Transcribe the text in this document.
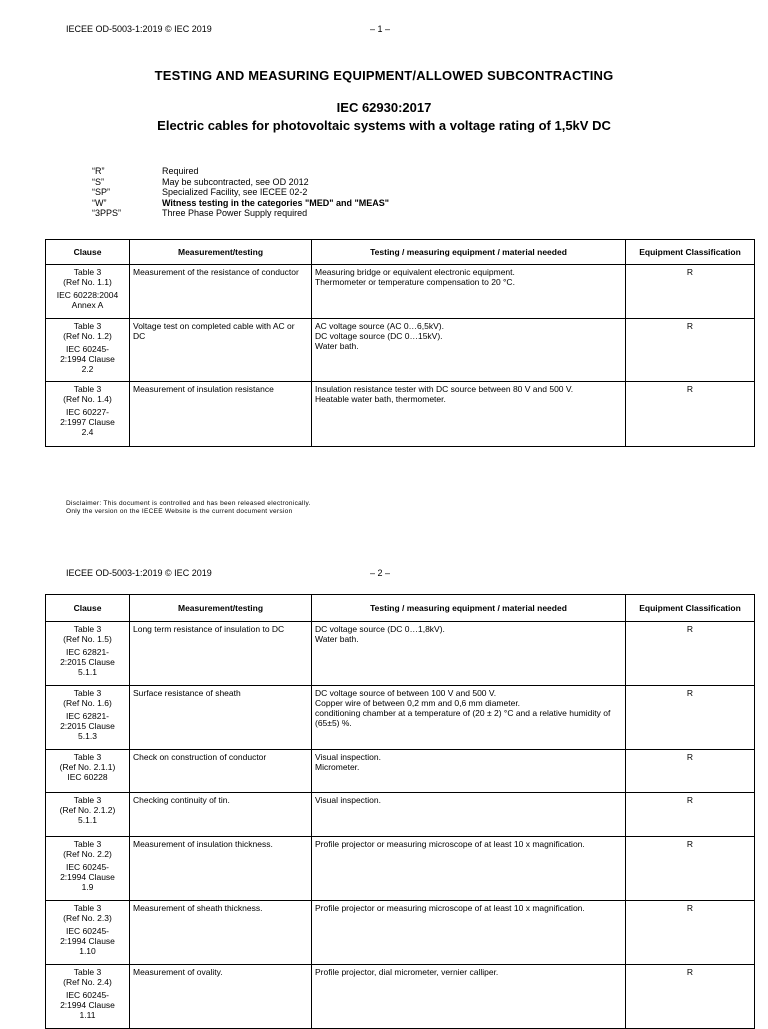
IECEE OD-5003-1:2019 © IEC 2019	– 1 –
TESTING AND MEASURING EQUIPMENT/ALLOWED SUBCONTRACTING
IEC 62930:2017
Electric cables for photovoltaic systems with a voltage rating of 1,5kV DC
“R”	Required
“S”	May be subcontracted, see OD 2012
“SP”	Specialized Facility, see IECEE 02-2
“W”	Witness testing in the categories "MED" and "MEAS"
“3PPS”	Three Phase Power Supply required
Clause	Measurement/testing	Testing / measuring equipment / material needed	Equipment Classification

Table 3
(Ref No. 1.1)
IEC 60228:2004
Annex A	Measurement of the resistance of conductor	Measuring bridge or equivalent electronic equipment.
Thermometer or temperature compensation to 20 °C.	R

Table 3
(Ref No. 1.2)
IEC 60245-
2:1994 Clause
2.2	Voltage test on completed cable with AC or DC	AC voltage source (AC 0…6,5kV).
DC voltage source (DC 0…15kV).
Water bath.	R

Table 3
(Ref No. 1.4)
IEC 60227-
2:1997 Clause
2.4	Measurement of insulation resistance	Insulation resistance tester with DC source between 80 V and 500 V.
Heatable water bath, thermometer.	R
Disclaimer: This document is controlled and has been released electronically.
Only the version on the IECEE Website is the current document version
IECEE OD-5003-1:2019 © IEC 2019	– 2 –
Clause	Measurement/testing	Testing / measuring equipment / material needed	Equipment Classification

Table 3
(Ref No. 1.5)
IEC 62821-
2:2015 Clause
5.1.1	Long term resistance of insulation to DC	DC voltage source (DC 0…1,8kV).
Water bath.	R

Table 3
(Ref No. 1.6)
IEC 62821-
2:2015 Clause
5.1.3	Surface resistance of sheath	DC voltage source of between 100 V and 500 V.
Copper wire of between 0,2 mm and 0,6 mm diameter.
conditioning chamber at a temperature of (20 ± 2) °C and a relative humidity of (65±5) %.	R

Table 3
(Ref No. 2.1.1)
IEC 60228	Check on construction of conductor	Visual inspection.
Micrometer.	R

Table 3
(Ref No. 2.1.2)
5.1.1	Checking continuity of tin.	Visual inspection.	R

Table 3
(Ref No. 2.2)
IEC 60245-
2:1994 Clause
1.9	Measurement of insulation thickness.	Profile projector or measuring microscope of at least 10 x magnification.	R

Table 3
(Ref No. 2.3)
IEC 60245-
2:1994 Clause
1.10	Measurement of sheath thickness.	Profile projector or measuring microscope of at least 10 x magnification.	R

Table 3
(Ref No. 2.4)
IEC 60245-
2:1994 Clause
1.11	Measurement of ovality.	Profile projector, dial micrometer, vernier calliper.	R
